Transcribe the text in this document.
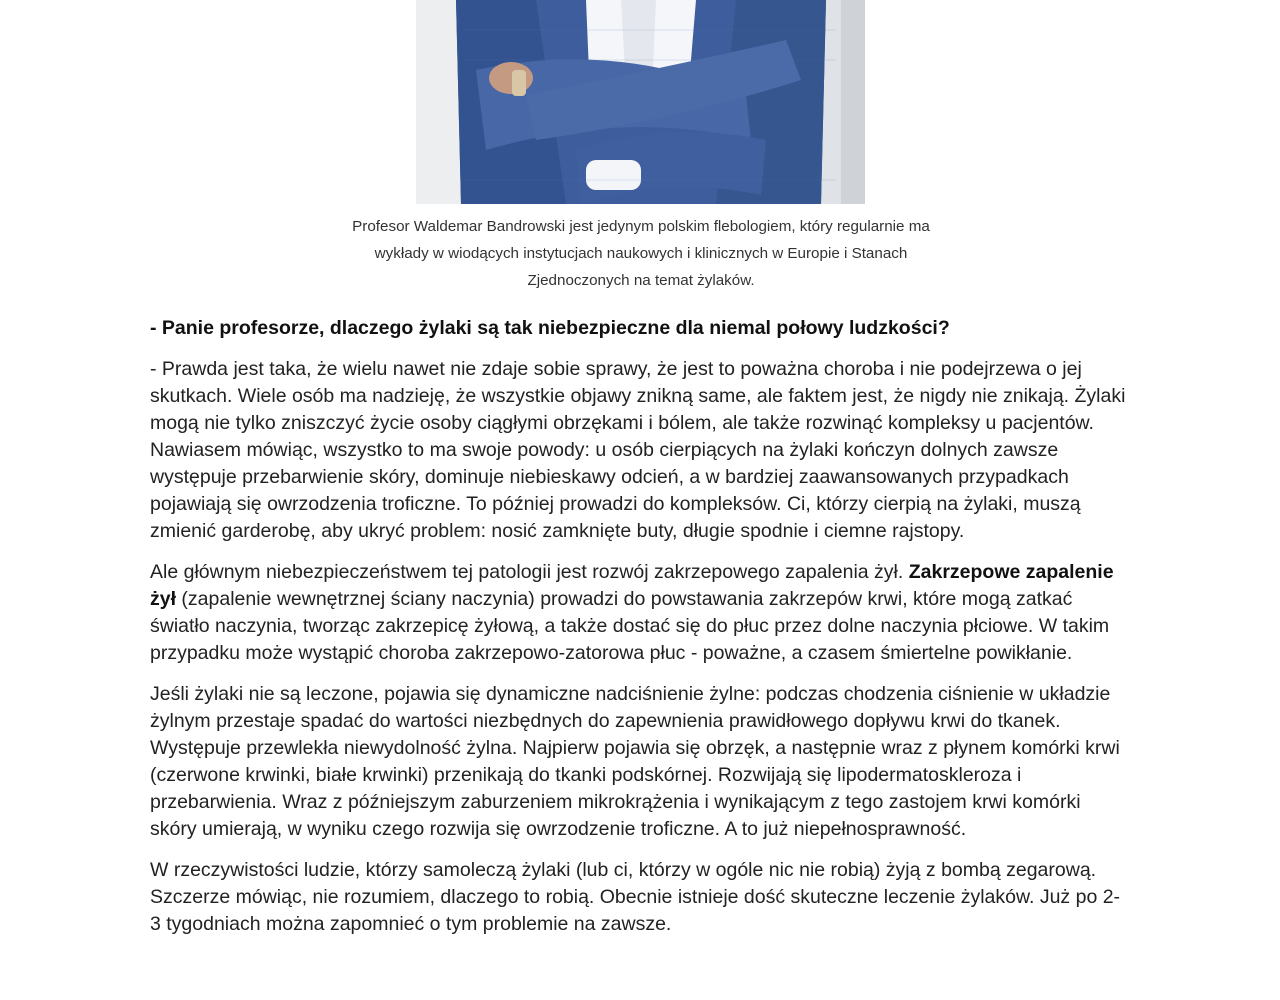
Profesor Waldemar Bandrowski jest jedynym polskim flebologiem, który regularnie ma
wykłady w wiodących instytucjach naukowych i klinicznych w Europie i Stanach
Zjednoczonych na temat żylaków.

- Panie profesorze, dlaczego żylaki są tak niebezpieczne dla niemal połowy ludzkości?

- Prawda jest taka, że wielu nawet nie zdaje sobie sprawy, że jest to poważna choroba i nie podejrzewa o jej skutkach. Wiele osób ma nadzieję, że wszystkie objawy znikną same, ale faktem jest, że nigdy nie znikają. Żylaki mogą nie tylko zniszczyć życie osoby ciągłymi obrzękami i bólem, ale także rozwinąć kompleksy u pacjentów. Nawiasem mówiąc, wszystko to ma swoje powody: u osób cierpiących na żylaki kończyn dolnych zawsze występuje przebarwienie skóry, dominuje niebieskawy odcień, a w bardziej zaawansowanych przypadkach pojawiają się owrzodzenia troficzne. To później prowadzi do kompleksów. Ci, którzy cierpią na żylaki, muszą zmienić garderobę, aby ukryć problem: nosić zamknięte buty, długie spodnie i ciemne rajstopy.

Ale głównym niebezpieczeństwem tej patologii jest rozwój zakrzepowego zapalenia żył. Zakrzepowe zapalenie żył (zapalenie wewnętrznej ściany naczynia) prowadzi do powstawania zakrzepów krwi, które mogą zatkać światło naczynia, tworząc zakrzepicę żyłową, a także dostać się do płuc przez dolne naczynia płciowe. W takim przypadku może wystąpić choroba zakrzepowo-zatorowa płuc - poważne, a czasem śmiertelne powikłanie.

Jeśli żylaki nie są leczone, pojawia się dynamiczne nadciśnienie żylne: podczas chodzenia ciśnienie w układzie żylnym przestaje spadać do wartości niezbędnych do zapewnienia prawidłowego dopływu krwi do tkanek. Występuje przewlekła niewydolność żylna. Najpierw pojawia się obrzęk, a następnie wraz z płynem komórki krwi (czerwone krwinki, białe krwinki) przenikają do tkanki podskórnej. Rozwijają się lipodermatoskleroza i przebarwienia. Wraz z późniejszym zaburzeniem mikrokrążenia i wynikającym z tego zastojem krwi komórki skóry umierają, w wyniku czego rozwija się owrzodzenie troficzne. A to już niepełnosprawność.

W rzeczywistości ludzie, którzy samoleczą żylaki (lub ci, którzy w ogóle nic nie robią) żyją z bombą zegarową. Szczerze mówiąc, nie rozumiem, dlaczego to robią. Obecnie istnieje dość skuteczne leczenie żylaków. Już po 2-3 tygodniach można zapomnieć o tym problemie na zawsze.
